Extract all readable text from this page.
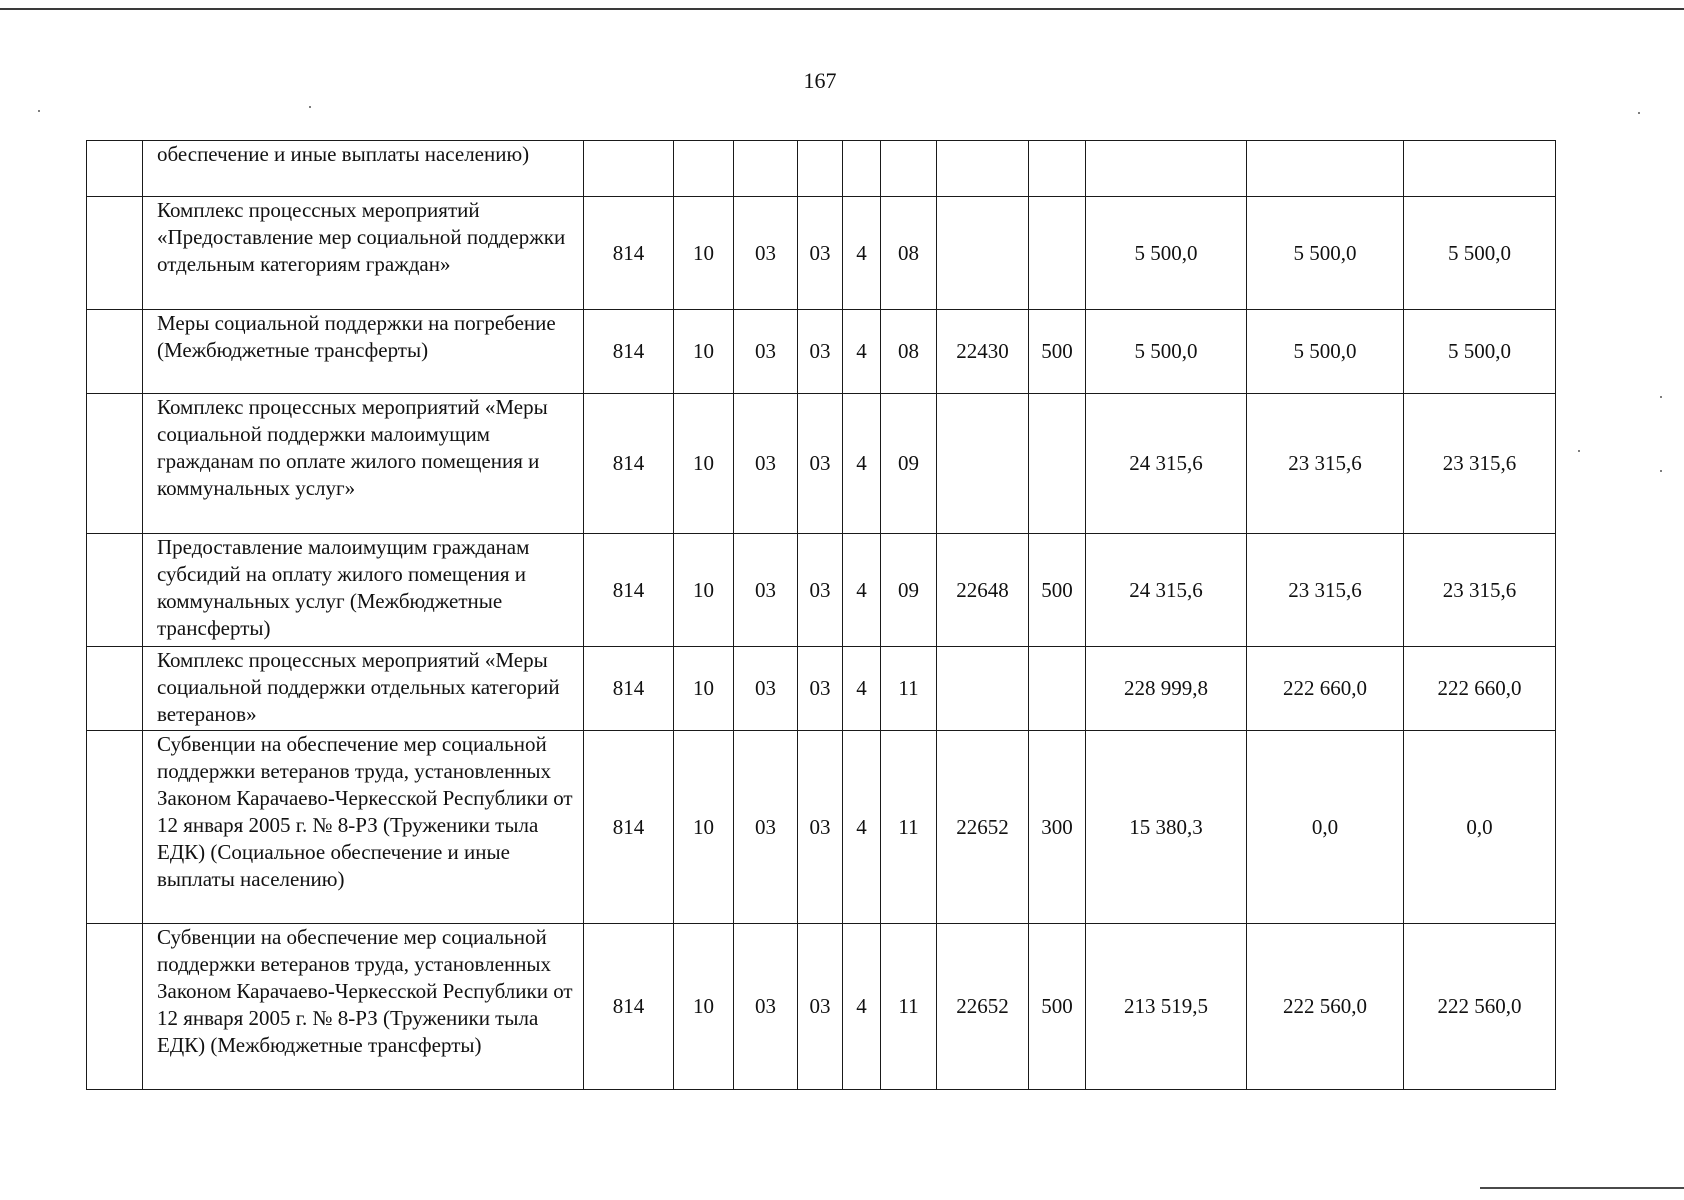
167
	обеспечение и иные выплаты населению)											
	Комплекс процессных мероприятий «Предоставление мер социальной поддержки отдельным категориям граждан»	814	10	03	03	4	08			5 500,0	5 500,0	5 500,0
	Меры социальной поддержки на погребение (Межбюджетные трансферты)	814	10	03	03	4	08	22430	500	5 500,0	5 500,0	5 500,0
	Комплекс процессных мероприятий «Меры социальной поддержки малоимущим гражданам по оплате жилого помещения и коммунальных услуг»	814	10	03	03	4	09			24 315,6	23 315,6	23 315,6
	Предоставление малоимущим гражданам субсидий на оплату жилого помещения и коммунальных услуг (Межбюджетные трансферты)	814	10	03	03	4	09	22648	500	24 315,6	23 315,6	23 315,6
	Комплекс процессных мероприятий «Меры социальной поддержки отдельных категорий ветеранов»	814	10	03	03	4	11			228 999,8	222 660,0	222 660,0
	Субвенции на обеспечение мер социальной поддержки ветеранов труда, установленных Законом Карачаево-Черкесской Республики от 12 января 2005 г. № 8-РЗ (Труженики тыла ЕДК) (Социальное обеспечение и иные выплаты населению)	814	10	03	03	4	11	22652	300	15 380,3	0,0	0,0
	Субвенции на обеспечение мер социальной поддержки ветеранов труда, установленных Законом Карачаево-Черкесской Республики от 12 января 2005 г. № 8-РЗ (Труженики тыла ЕДК) (Межбюджетные трансферты)	814	10	03	03	4	11	22652	500	213 519,5	222 560,0	222 560,0
